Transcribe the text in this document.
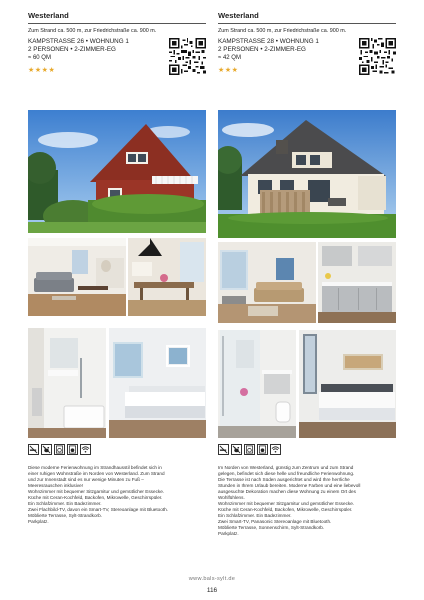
Westerland
Zum Strand ca. 500 m, zur Friedrichstraße ca. 900 m.
KAMPSTRASSE 26 • WOHNUNG 1
2 PERSONEN • 2-ZIMMER-EG
≈ 60 QM
★★★★
Diese moderne Ferienwohnung im Strandhausstil befindet sich in
einer ruhigen Wohnstraße im Norden von Westerland. Zum Strand
und zur Innenstadt sind es nur wenige Minuten zu Fuß –
Meeresrauschen inklusive!
Wohnzimmer mit bequemer Sitzgarnitur und gemütlicher Essecke.
Küche mit Ceran-Kochfeld, Backofen, Mikrowelle, Geschirrspüler.
Ein Schlafzimmer. Ein Badezimmer.
Zwei Flachbild-TV, davon ein Smart-TV, Stereoanlage mit Bluetooth.
Möblierte Terrasse, Sylt-Strandkorb.
Parkplatz.
Westerland
Zum Strand ca. 500 m, zur Friedrichstraße ca. 900 m.
KAMPSTRASSE 28 • WOHNUNG 1
2 PERSONEN • 2-ZIMMER-EG
≈ 42 QM
★★★
Im Norden von Westerland, günstig zum Zentrum und zum Strand
gelegen, befindet sich diese helle und freundliche Ferienwohnung.
Die Terrasse ist nach Süden ausgerichtet und wird Ihre herrliche
Stunden in Ihrem Urlaub bereiten. Moderne Farben und eine liebevoll
ausgesuchte Dekoration machen diese Wohnung zu einem Ort des
Wohlfühlens.
Wohnzimmer mit bequemer Sitzgarnitur und gemütlicher Essecke.
Küche mit Ceran-Kochfeld, Backofen, Mikrowelle, Geschirrspüler.
Ein Schlafzimmer. Ein Badezimmer.
Zwei Smart-TV, Panasonic Stereoanlage mit Bluetooth.
Möblierte Terrasse, Sonnenschirm, Sylt-Strandkorb.
Parkplatz.
www.bals-sylt.de
116
